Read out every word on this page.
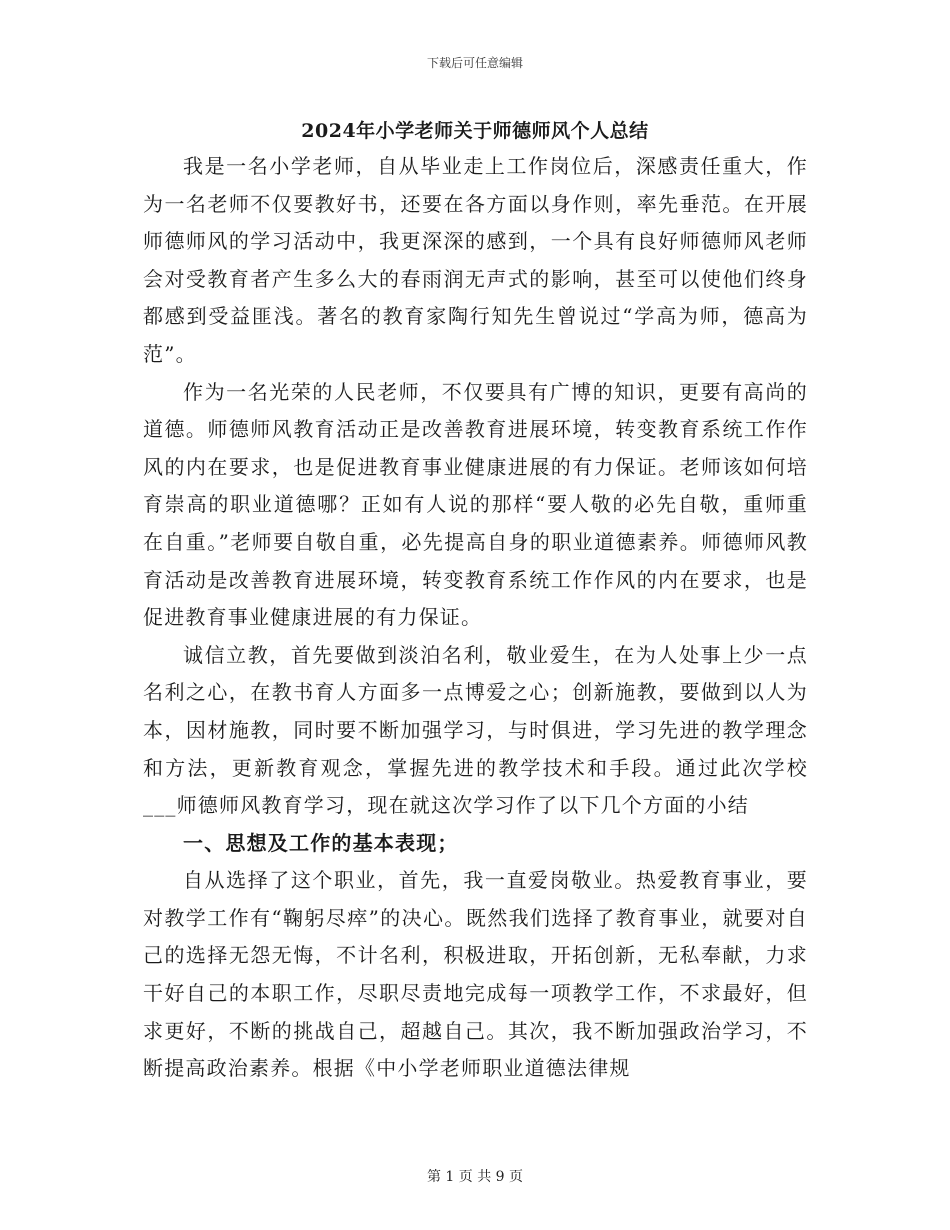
下载后可任意编辑
2024年小学老师关于师德师风个人总结

我是一名小学老师，自从毕业走上工作岗位后，深感责任重大，作为一名老师不仅要教好书，还要在各方面以身作则，率先垂范。在开展师德师风的学习活动中，我更深深的感到，一个具有良好师德师风老师会对受教育者产生多么大的春雨润无声式的影响，甚至可以使他们终身都感到受益匪浅。著名的教育家陶行知先生曾说过“学高为师，德高为范”。

作为一名光荣的人民老师，不仅要具有广博的知识，更要有高尚的道德。师德师风教育活动正是改善教育进展环境，转变教育系统工作作风的内在要求，也是促进教育事业健康进展的有力保证。老师该如何培育崇高的职业道德哪？正如有人说的那样“要人敬的必先自敬，重师重在自重。”老师要自敬自重，必先提高自身的职业道德素养。师德师风教育活动是改善教育进展环境，转变教育系统工作作风的内在要求，也是促进教育事业健康进展的有力保证。

诚信立教，首先要做到淡泊名利，敬业爱生，在为人处事上少一点名利之心，在教书育人方面多一点博爱之心；创新施教，要做到以人为本，因材施教，同时要不断加强学习，与时俱进，学习先进的教学理念和方法，更新教育观念，掌握先进的教学技术和手段。通过此次学校___师德师风教育学习，现在就这次学习作了以下几个方面的小结

一、思想及工作的基本表现；

自从选择了这个职业，首先，我一直爱岗敬业。热爱教育事业，要对教学工作有“鞠躬尽瘁”的决心。既然我们选择了教育事业，就要对自己的选择无怨无悔，不计名利，积极进取，开拓创新，无私奉献，力求干好自己的本职工作，尽职尽责地完成每一项教学工作，不求最好，但求更好，不断的挑战自己，超越自己。其次，我不断加强政治学习，不断提高政治素养。根据《中小学老师职业道德法律规

第 1 页 共 9 页
